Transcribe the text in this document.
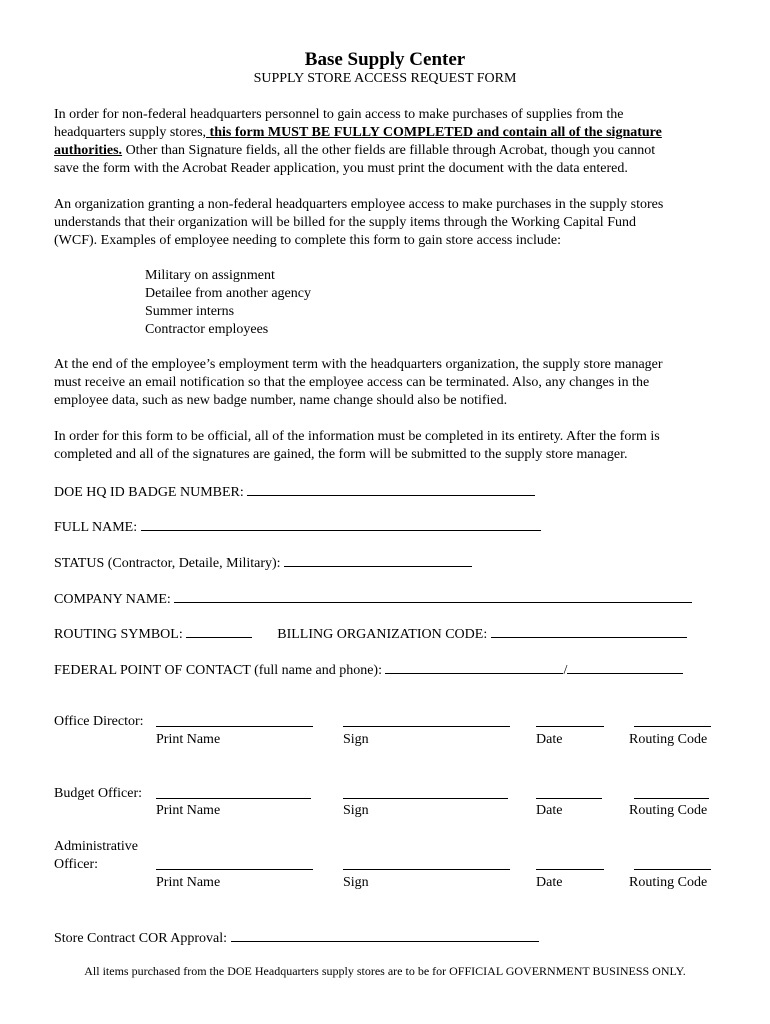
Base Supply Center
SUPPLY STORE ACCESS REQUEST FORM
In order for non-federal headquarters personnel to gain access to make purchases of supplies from the
headquarters supply stores, this form MUST BE FULLY COMPLETED and contain all of the signature
authorities. Other than Signature fields, all the other fields are fillable through Acrobat, though you cannot
save the form with the Acrobat Reader application, you must print the document with the data entered.
An organization granting a non-federal headquarters employee access to make purchases in the supply stores
understands that their organization will be billed for the supply items through the Working Capital Fund
(WCF). Examples of employee needing to complete this form to gain store access include:
Military on assignment
Detailee from another agency
Summer interns
Contractor employees
At the end of the employee’s employment term with the headquarters organization, the supply store manager
must receive an email notification so that the employee access can be terminated. Also, any changes in the
employee data, such as new badge number, name change should also be notified.
In order for this form to be official, all of the information must be completed in its entirety. After the form is
completed and all of the signatures are gained, the form will be submitted to the supply store manager.
DOE HQ ID BADGE NUMBER:
FULL NAME:
STATUS (Contractor, Detaile, Military):
COMPANY NAME:
ROUTING SYMBOL:	BILLING ORGANIZATION CODE:
FEDERAL POINT OF CONTACT (full name and phone):	/
Office Director:
Print Name	Sign	Date	Routing Code
Budget Officer:
Print Name	Sign	Date	Routing Code
Administrative
Officer:
Print Name	Sign	Date	Routing Code
Store Contract COR Approval:
All items purchased from the DOE Headquarters supply stores are to be for OFFICIAL GOVERNMENT BUSINESS ONLY.
